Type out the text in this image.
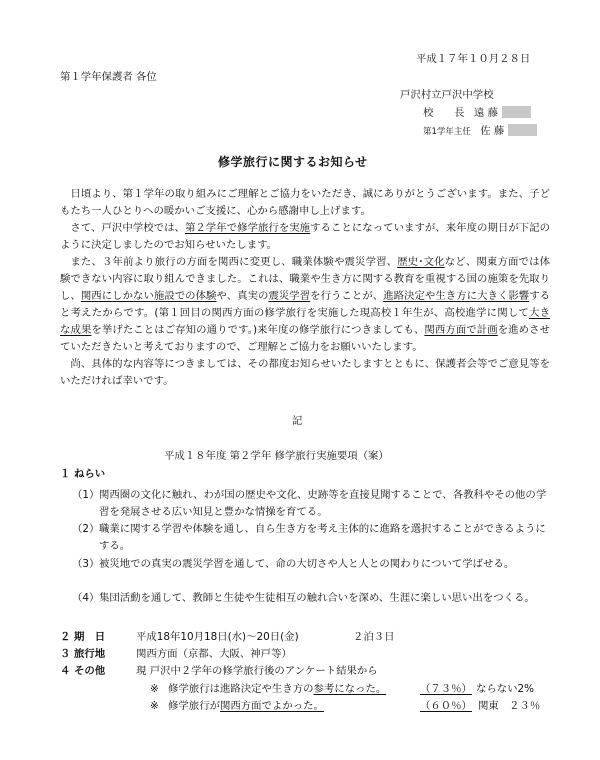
平成１７年１０月２８日
第１学年保護者 各位
戸沢村立戸沢中学校
校　　長 遠 藤
第1学年主任 佐 藤
修学旅行に関するお知らせ

日頃より、第１学年の取り組みにご理解とご協力をいただき、誠にありがとうございます。また、子どもたち一人ひとりへの暖かいご支援に、心から感謝申し上げます。

さて、戸沢中学校では、第２学年で修学旅行を実施することになっていますが、来年度の期日が下記のように決定しましたのでお知らせいたします。

また、３年前より旅行の方面を関西に変更し、職業体験や震災学習、歴史･文化など、関東方面では体験できない内容に取り組んできました。これは、職業や生き方に関する教育を重視する国の施策を先取りし、関西にしかない施設での体験や、真実の震災学習を行うことが、進路決定や生き方に大きく影響すると考えたからです。(第１回目の関西方面の修学旅行を実施した現高校１年生が、高校進学に関して大きな成果を挙げたことはご存知の通りです。)来年度の修学旅行につきましても、関西方面で計画を進めさせていただきたいと考えておりますので、ご理解とご協力をお願いいたします。

尚、具体的な内容等につきましては、その都度お知らせいたしますとともに、保護者会等でご意見等をいただければ幸いです。

記
平成１８年度 第２学年 修学旅行実施要項（案）
１ ねらい
（1） 関西圏の文化に触れ、わが国の歴史や文化、史跡等を直接見聞することで、各教科やその他の学習を発展させる広い知見と豊かな情操を育てる。
（2） 職業に関する学習や体験を通し、自ら生き方を考え主体的に進路を選択することができるようにする。
（3） 被災地での真実の震災学習を通して、命の大切さや人と人との関わりについて学ばせる。
（4） 集団活動を通して、教師と生徒や生徒相互の触れ合いを深め、生涯に楽しい思い出をつくる。
２ 期　日	平成18年10月18日(水)～20日(金)	２泊３日
３ 旅行地	関西方面（京都、大阪、神戸等）
４ その他	現 戸沢中２学年の修学旅行後のアンケート結果から
※ 修学旅行は進路決定や生き方の参考になった。	（７３％） ならない2%
※ 修学旅行が関西方面でよかった。	（６０％） 関東　２３％
